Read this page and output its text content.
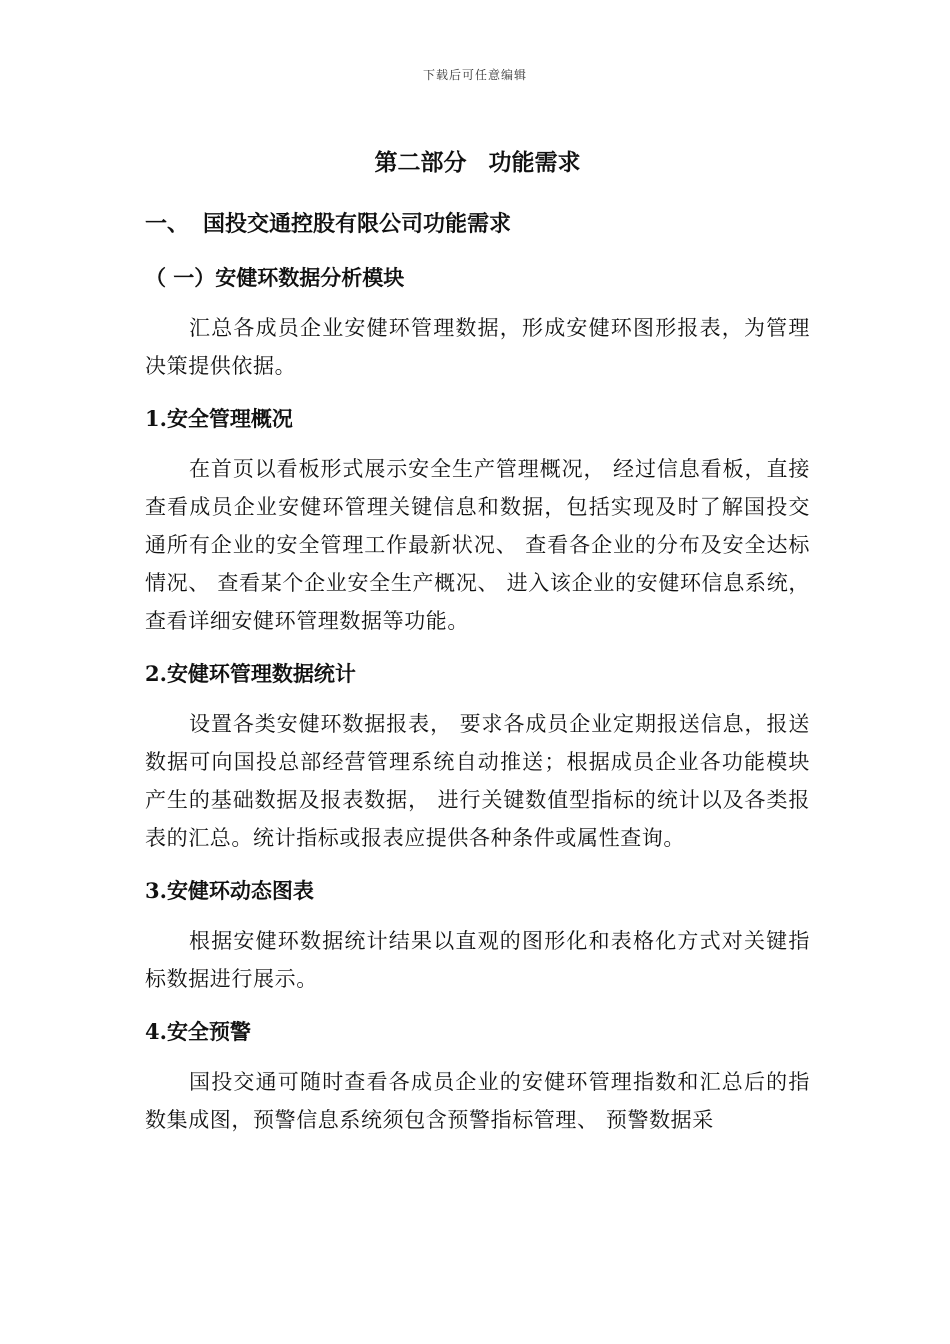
下载后可任意编辑
第二部分 功能需求
一、 国投交通控股有限公司功能需求
（ 一）安健环数据分析模块

汇总各成员企业安健环管理数据，形成安健环图形报表，为管理决策提供依据。

1.安全管理概况

在首页以看板形式展示安全生产管理概况， 经过信息看板，直接查看成员企业安健环管理关键信息和数据，包括实现及时了解国投交通所有企业的安全管理工作最新状况、 查看各企业的分布及安全达标情况、 查看某个企业安全生产概况、 进入该企业的安健环信息系统，查看详细安健环管理数据等功能。

2.安健环管理数据统计

设置各类安健环数据报表， 要求各成员企业定期报送信息，报送数据可向国投总部经营管理系统自动推送；根据成员企业各功能模块产生的基础数据及报表数据， 进行关键数值型指标的统计以及各类报表的汇总。统计指标或报表应提供各种条件或属性查询。

3.安健环动态图表

根据安健环数据统计结果以直观的图形化和表格化方式对关键指标数据进行展示。

4.安全预警

国投交通可随时查看各成员企业的安健环管理指数和汇总后的指数集成图，预警信息系统须包含预警指标管理、 预警数据采
